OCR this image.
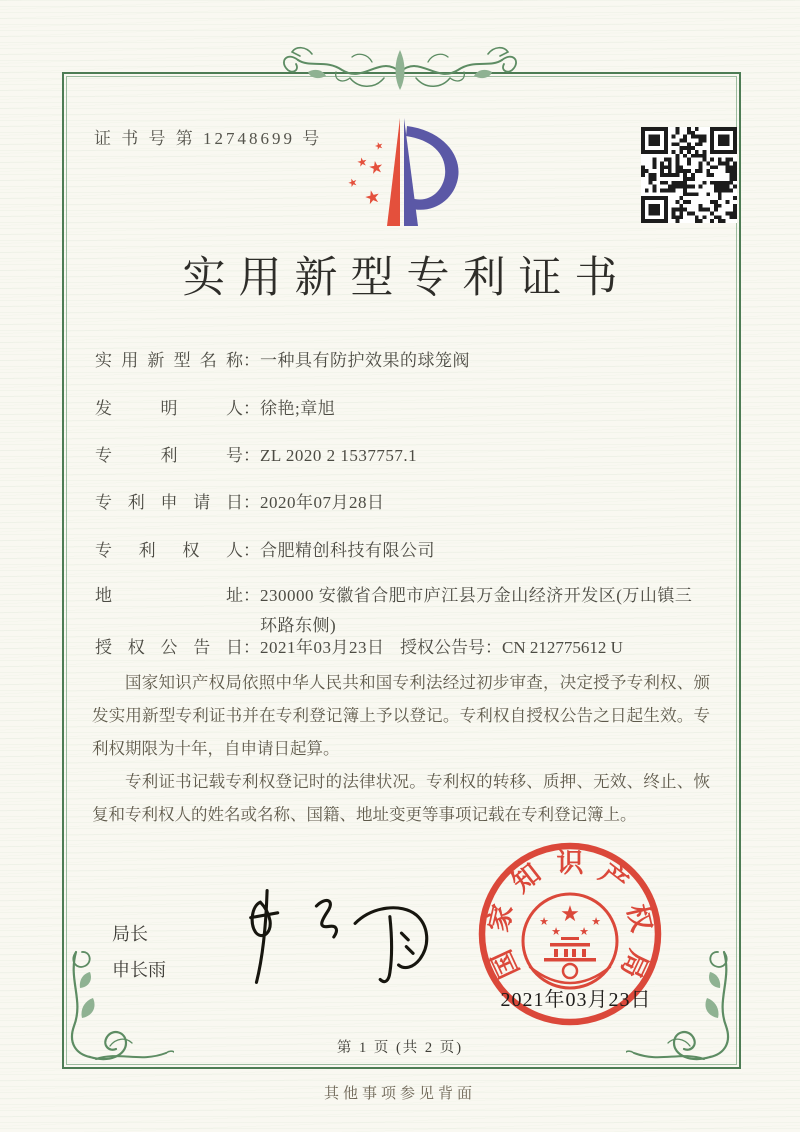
证 书 号 第 12748699 号	★
★
★
★
★
实用新型专利证书
实用新型名称 ： 一种具有防护效果的球笼阀
发明人 ： 徐艳;章旭
专利号 ： ZL 2020 2 1537757.1
专利申请日 ： 2020年07月28日
专利权人 ： 合肥精创科技有限公司
地址 ： 230000 安徽省合肥市庐江县万金山经济开发区(万山镇三环路东侧)
授权公告日：2021年03月23日 授权公告号：CN 212775612 U

国家知识产权局依照中华人民共和国专利法经过初步审查，决定授予专利权、颁发实用新型专利证书并在专利登记簿上予以登记。专利权自授权公告之日起生效。专利权期限为十年，自申请日起算。

专利证书记载专利权登记时的法律状况。专利权的转移、质押、无效、终止、恢复和专利权人的姓名或名称、国籍、地址变更等事项记载在专利登记簿上。

局长
申长雨	国
家
知 识 产
权
局
★
★	★
★ ★
2021年03月23日
第 1 页 (共 2 页)
其他事项参见背面
